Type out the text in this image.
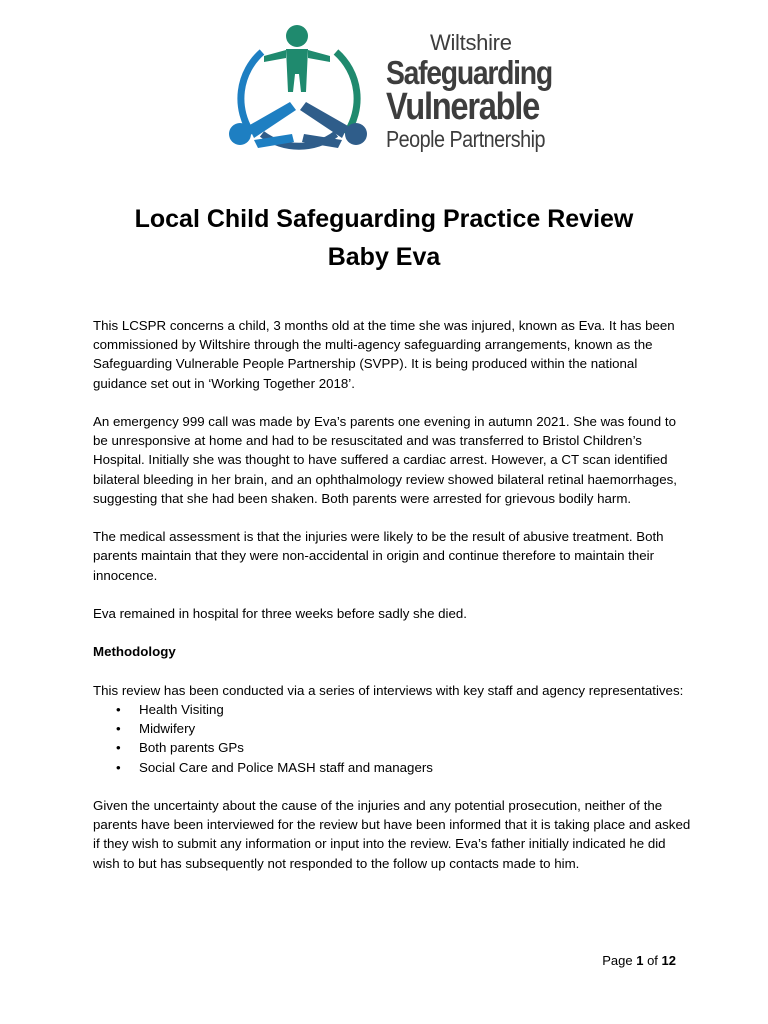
Wiltshire
Safeguarding
Vulnerable
People Partnership
Local Child Safeguarding Practice Review
Baby Eva

This LCSPR concerns a child, 3 months old at the time she was injured, known as Eva. It has been commissioned by Wiltshire through the multi-agency safeguarding arrangements, known as the Safeguarding Vulnerable People Partnership (SVPP). It is being produced within the national guidance set out in ‘Working Together 2018’.

An emergency 999 call was made by Eva’s parents one evening in autumn 2021. She was found to be unresponsive at home and had to be resuscitated and was transferred to Bristol Children’s Hospital. Initially she was thought to have suffered a cardiac arrest. However, a CT scan identified bilateral bleeding in her brain, and an ophthalmology review showed bilateral retinal haemorrhages, suggesting that she had been shaken. Both parents were arrested for grievous bodily harm.

The medical assessment is that the injuries were likely to be the result of abusive treatment. Both parents maintain that they were non-accidental in origin and continue therefore to maintain their innocence.

Eva remained in hospital for three weeks before sadly she died.

Methodology

This review has been conducted via a series of interviews with key staff and agency representatives:

• Health Visiting
• Midwifery
• Both parents GPs
• Social Care and Police MASH staff and managers

Given the uncertainty about the cause of the injuries and any potential prosecution, neither of the parents have been interviewed for the review but have been informed that it is taking place and asked if they wish to submit any information or input into the review. Eva’s father initially indicated he did wish to but has subsequently not responded to the follow up contacts made to him.

Page 1 of 12
